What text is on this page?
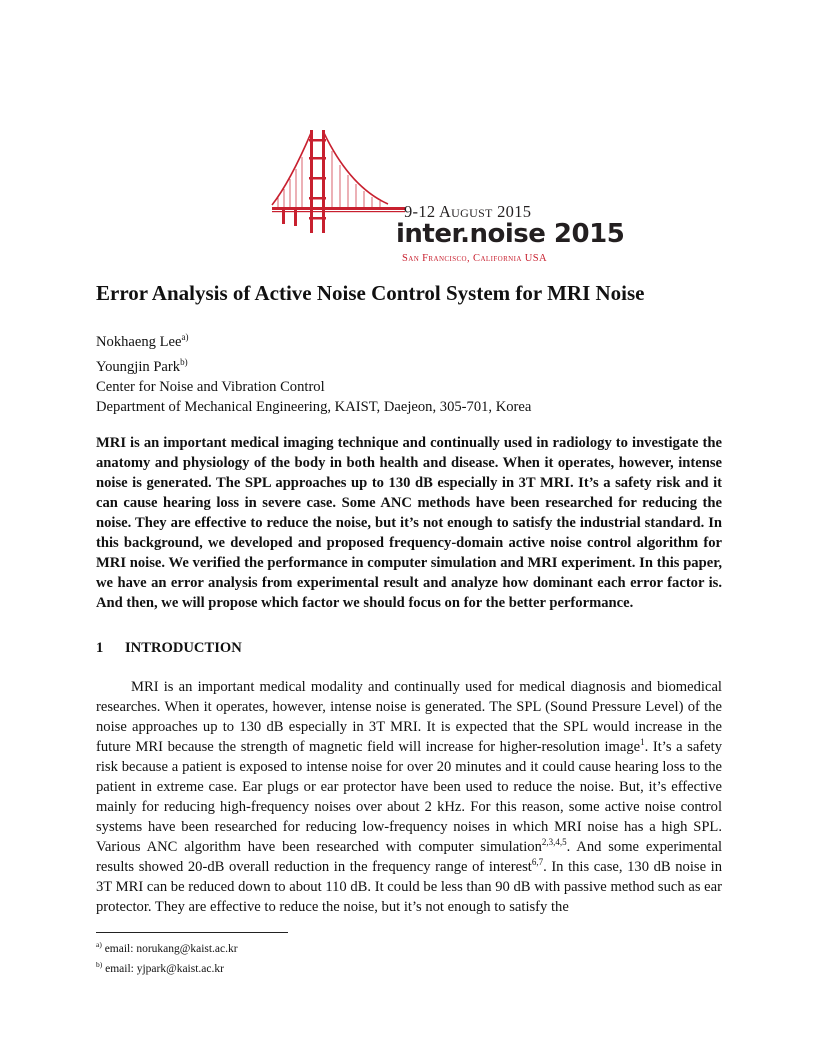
9-12 August 2015
inter.noise 2015
San Francisco, California USA
Error Analysis of Active Noise Control System for MRI Noise
Nokhaeng Lee$^{a)}$
Youngjin Park$^{b)}$
Center for Noise and Vibration Control
Department of Mechanical Engineering, KAIST, Daejeon, 305-701, Korea

MRI is an important medical imaging technique and continually used in radiology to investigate the anatomy and physiology of the body in both health and disease. When it operates, however, intense noise is generated. The SPL approaches up to 130 dB especially in 3T MRI. It’s a safety risk and it can cause hearing loss in severe case. Some ANC methods have been researched for reducing the noise. They are effective to reduce the noise, but it’s not enough to satisfy the industrial standard. In this background, we developed and proposed frequency-domain active noise control algorithm for MRI noise. We verified the performance in computer simulation and MRI experiment. In this paper, we have an error analysis from experimental result and analyze how dominant each error factor is. And then, we will propose which factor we should focus on for the better performance.

1 INTRODUCTION

MRI is an important medical modality and continually used for medical diagnosis and biomedical researches. When it operates, however, intense noise is generated. The SPL (Sound Pressure Level) of the noise approaches up to 130 dB especially in 3T MRI. It is expected that the SPL would increase in the future MRI because the strength of magnetic field will increase for higher-resolution image$^1$. It’s a safety risk because a patient is exposed to intense noise for over 20 minutes and it could cause hearing loss to the patient in extreme case. Ear plugs or ear protector have been used to reduce the noise. But, it’s effective mainly for reducing high-frequency noises over about 2 kHz. For this reason, some active noise control systems have been researched for reducing low-frequency noises in which MRI noise has a high SPL. Various ANC algorithm have been researched with computer simulation$^{2,3,4,5}$. And some experimental results showed 20-dB overall reduction in the frequency range of interest$^{6,7}$. In this case, 130 dB noise in 3T MRI can be reduced down to about 110 dB. It could be less than 90 dB with passive method such as ear protector. They are effective to reduce the noise, but it’s not enough to satisfy the

$^{a)}$ email: norukang@kaist.ac.kr
$^{b)}$ email: yjpark@kaist.ac.kr
